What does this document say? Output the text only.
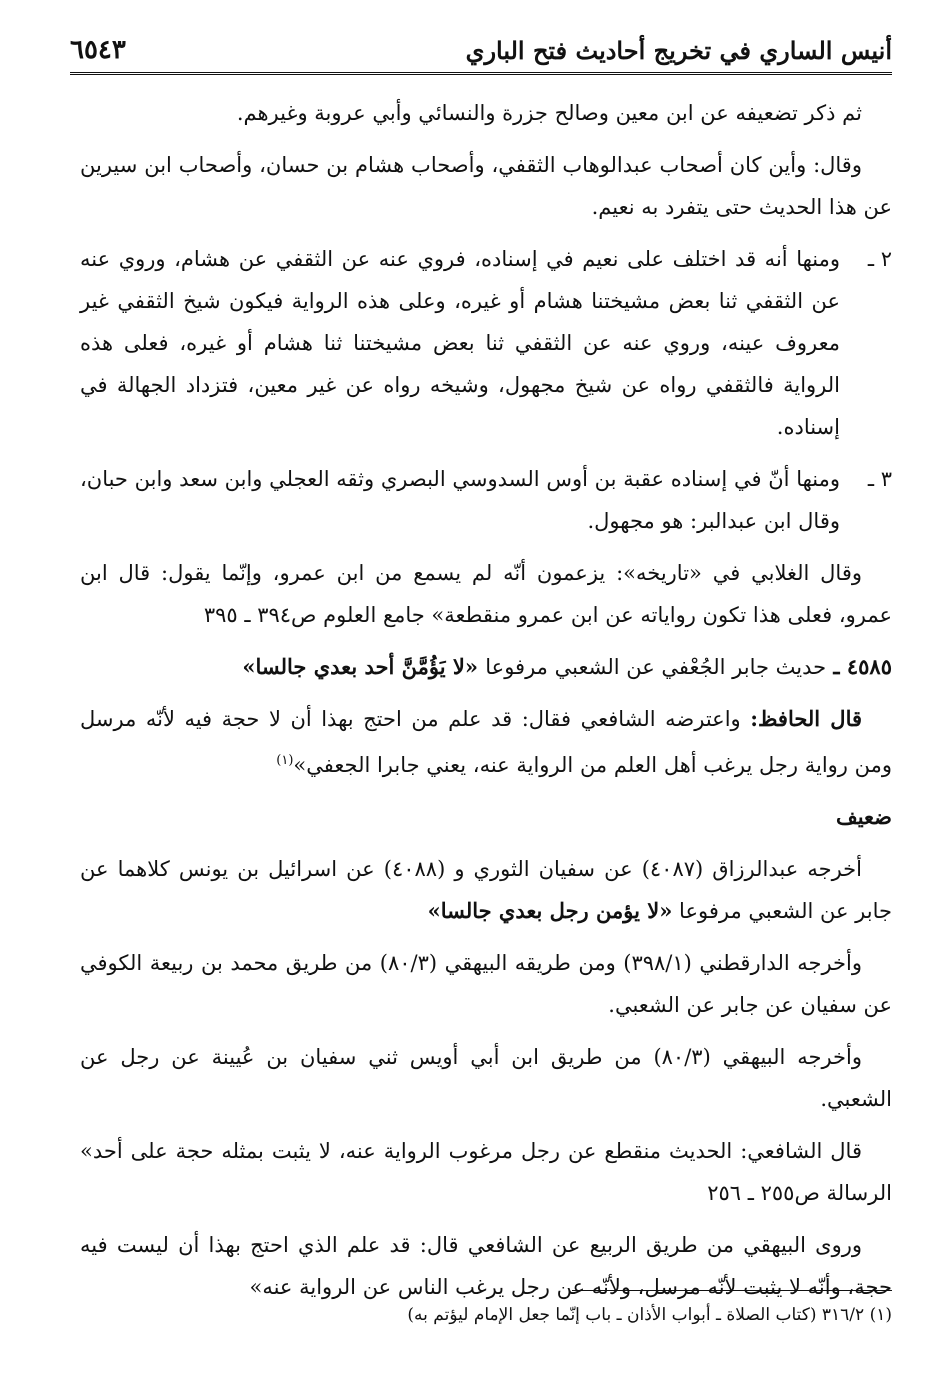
أنيس الساري في تخريج أحاديث فتح الباري
٦٥٤٣

ثم ذكر تضعيفه عن ابن معين وصالح جزرة والنسائي وأبي عروبة وغيرهم.

وقال: وأين كان أصحاب عبدالوهاب الثقفي، وأصحاب هشام بن حسان، وأصحاب ابن سيرين عن هذا الحديث حتى يتفرد به نعيم.

٢ ـ
ومنها أنه قد اختلف على نعيم في إسناده، فروي عنه عن الثقفي عن هشام، وروي عنه عن الثقفي ثنا بعض مشيختنا هشام أو غيره، وعلى هذه الرواية فيكون شيخ الثقفي غير معروف عينه، وروي عنه عن الثقفي ثنا بعض مشيختنا ثنا هشام أو غيره، فعلى هذه الرواية فالثقفي رواه عن شيخ مجهول، وشيخه رواه عن غير معين، فتزداد الجهالة في إسناده.
٣ ـ
ومنها أنّ في إسناده عقبة بن أوس السدوسي البصري وثقه العجلي وابن سعد وابن حبان، وقال ابن عبدالبر: هو مجهول.

وقال الغلابي في «تاريخه»: يزعمون أنّه لم يسمع من ابن عمرو، وإنّما يقول: قال ابن عمرو، فعلى هذا تكون رواياته عن ابن عمرو منقطعة» جامع العلوم ص٣٩٤ ـ ٣٩٥

٤٥٨٥ ـ حديث جابر الجُعْفي عن الشعبي مرفوعا «لا يَؤُمَّنَّ أحد بعدي جالسا»

قال الحافظ: واعترضه الشافعي فقال: قد علم من احتج بهذا أن لا حجة فيه لأنّه مرسل ومن رواية رجل يرغب أهل العلم من الرواية عنه، يعني جابرا الجعفي»$^{(١)}$

ضعيف

أخرجه عبدالرزاق (٤٠٨٧) عن سفيان الثوري و (٤٠٨٨) عن اسرائيل بن يونس كلاهما عن جابر عن الشعبي مرفوعا «لا يؤمن رجل بعدي جالسا»

وأخرجه الدارقطني (٣٩٨/١) ومن طريقه البيهقي (٨٠/٣) من طريق محمد بن ربيعة الكوفي عن سفيان عن جابر عن الشعبي.

وأخرجه البيهقي (٨٠/٣) من طريق ابن أبي أويس ثني سفيان بن عُيينة عن رجل عن الشعبي.

قال الشافعي: الحديث منقطع عن رجل مرغوب الرواية عنه، لا يثبت بمثله حجة على أحد» الرسالة ص٢٥٥ ـ ٢٥٦

وروى البيهقي من طريق الربيع عن الشافعي قال: قد علم الذي احتج بهذا أن ليست فيه حجة، وأنّه لا يثبت لأنّه مرسل، ولأنّه عن رجل يرغب الناس عن الرواية عنه»

(١) ٣١٦/٢ (كتاب الصلاة ـ أبواب الأذان ـ باب إنّما جعل الإمام ليؤتم به)
